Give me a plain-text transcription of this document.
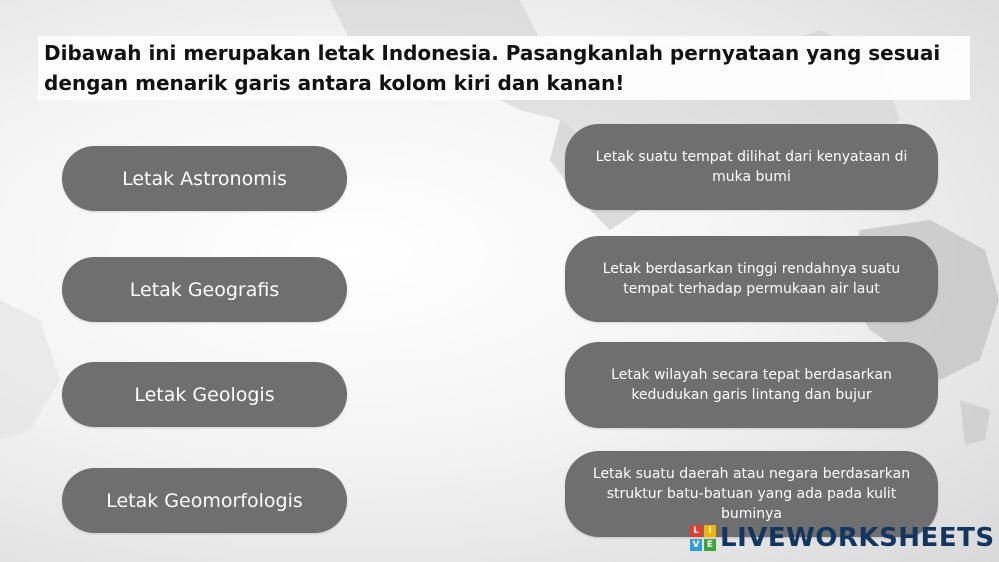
Dibawah ini merupakan letak Indonesia. Pasangkanlah pernyataan yang sesuai dengan menarik garis antara kolom kiri dan kanan!

Letak Astronomis
Letak Geografis
Letak Geologis
Letak Geomorfologis
Letak suatu tempat dilihat dari kenyataan di muka bumi
Letak berdasarkan tinggi rendahnya suatu tempat terhadap permukaan air laut
Letak wilayah secara tepat berdasarkan kedudukan garis lintang dan bujur
Letak suatu daerah atau negara berdasarkan struktur batu-batuan yang ada pada kulit buminya
L	I
V E LIVEWORKSHEETS
